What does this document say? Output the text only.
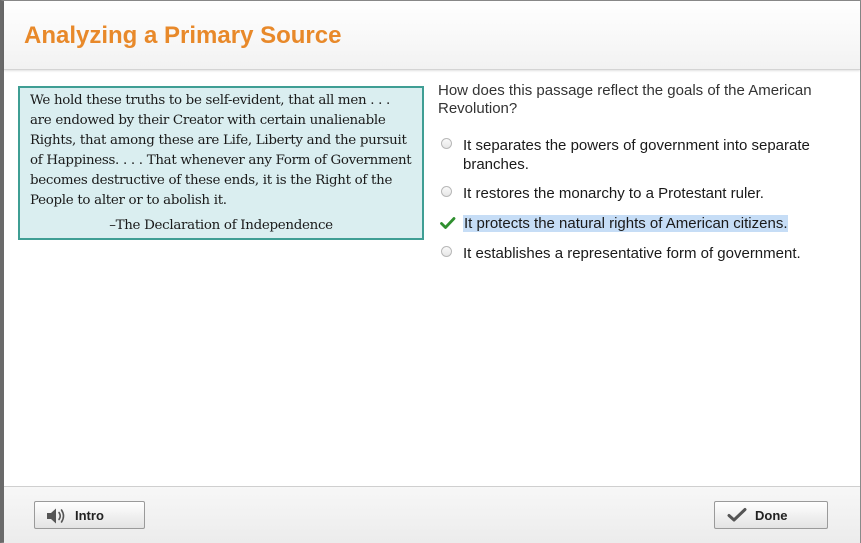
Analyzing a Primary Source

We hold these truths to be self-evident, that all men . . . are endowed by their Creator with certain unalienable Rights, that among these are Life, Liberty and the pursuit of Happiness. . . . That whenever any Form of Government becomes destructive of these ends, it is the Right of the People to alter or to abolish it.

–The Declaration of Independence

How does this passage reflect the goals of the American Revolution?

It separates the powers of government into separate branches.
It restores the monarchy to a Protestant ruler.
It protects the natural rights of American citizens.
It establishes a representative form of government.
Intro	Done
